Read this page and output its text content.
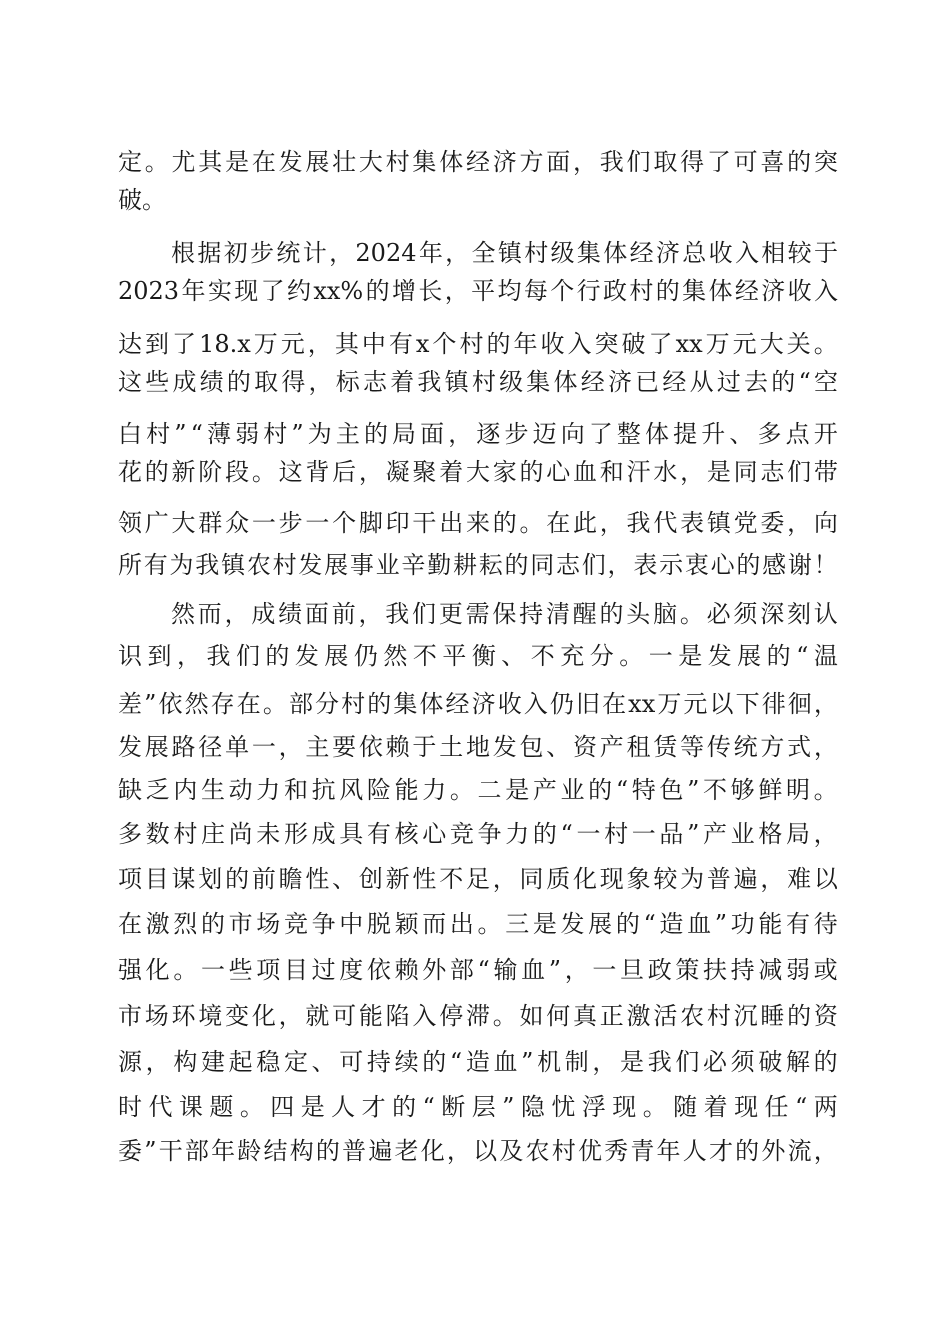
定 。 尤 其 是 在 发 展 壮 大 村 集 体 经 济 方 面 ， 我 们 取 得 了 可 喜 的 突
破。
根 据 初 步 统 计 ， 2024 年 ， 全 镇 村 级 集 体 经 济 总 收 入 相 较 于
2023 年 实 现 了 约 xx% 的 增 长 ， 平 均 每 个 行 政 村 的 集 体 经 济 收 入
达 到 了 18.x 万 元 ， 其 中 有 x 个 村 的 年 收 入 突 破 了 xx 万 元 大 关 。
这 些 成 绩 的 取 得 ， 标 志 着 我 镇 村 级 集 体 经 济 已 经 从 过 去 的 “ 空
白 村 ” “ 薄 弱 村 ” 为 主 的 局 面 ， 逐 步 迈 向 了 整 体 提 升 、 多 点 开
花 的 新 阶 段 。 这 背 后 ， 凝 聚 着 大 家 的 心 血 和 汗 水 ， 是 同 志 们 带
领 广 大 群 众 一 步 一 个 脚 印 干 出 来 的 。 在 此 ， 我 代 表 镇 党 委 ， 向
所 有 为 我 镇 农 村 发 展 事 业 辛 勤 耕 耘 的 同 志 们 ， 表 示 衷 心 的 感 谢 ！
然 而 ， 成 绩 面 前 ， 我 们 更 需 保 持 清 醒 的 头 脑 。 必 须 深 刻 认
识 到 ， 我 们 的 发 展 仍 然 不 平 衡 、 不 充 分 。 一 是 发 展 的 “ 温
差 ” 依 然 存 在 。 部 分 村 的 集 体 经 济 收 入 仍 旧 在 xx 万 元 以 下 徘 徊 ，
发 展 路 径 单 一 ， 主 要 依 赖 于 土 地 发 包 、 资 产 租 赁 等 传 统 方 式 ，
缺 乏 内 生 动 力 和 抗 风 险 能 力 。 二 是 产 业 的 “ 特 色 ” 不 够 鲜 明 。
多 数 村 庄 尚 未 形 成 具 有 核 心 竞 争 力 的 “ 一 村 一 品 ” 产 业 格 局 ，
项 目 谋 划 的 前 瞻 性 、 创 新 性 不 足 ， 同 质 化 现 象 较 为 普 遍 ， 难 以
在 激 烈 的 市 场 竞 争 中 脱 颖 而 出 。 三 是 发 展 的 “ 造 血 ” 功 能 有 待
强 化 。 一 些 项 目 过 度 依 赖 外 部 “ 输 血 ” ， 一 旦 政 策 扶 持 减 弱 或
市 场 环 境 变 化 ， 就 可 能 陷 入 停 滞 。 如 何 真 正 激 活 农 村 沉 睡 的 资
源 ， 构 建 起 稳 定 、 可 持 续 的 “ 造 血 ” 机 制 ， 是 我 们 必 须 破 解 的
时 代 课 题 。 四 是 人 才 的 “ 断 层 ” 隐 忧 浮 现 。 随 着 现 任 “ 两
委 ” 干 部 年 龄 结 构 的 普 遍 老 化 ， 以 及 农 村 优 秀 青 年 人 才 的 外 流 ，
